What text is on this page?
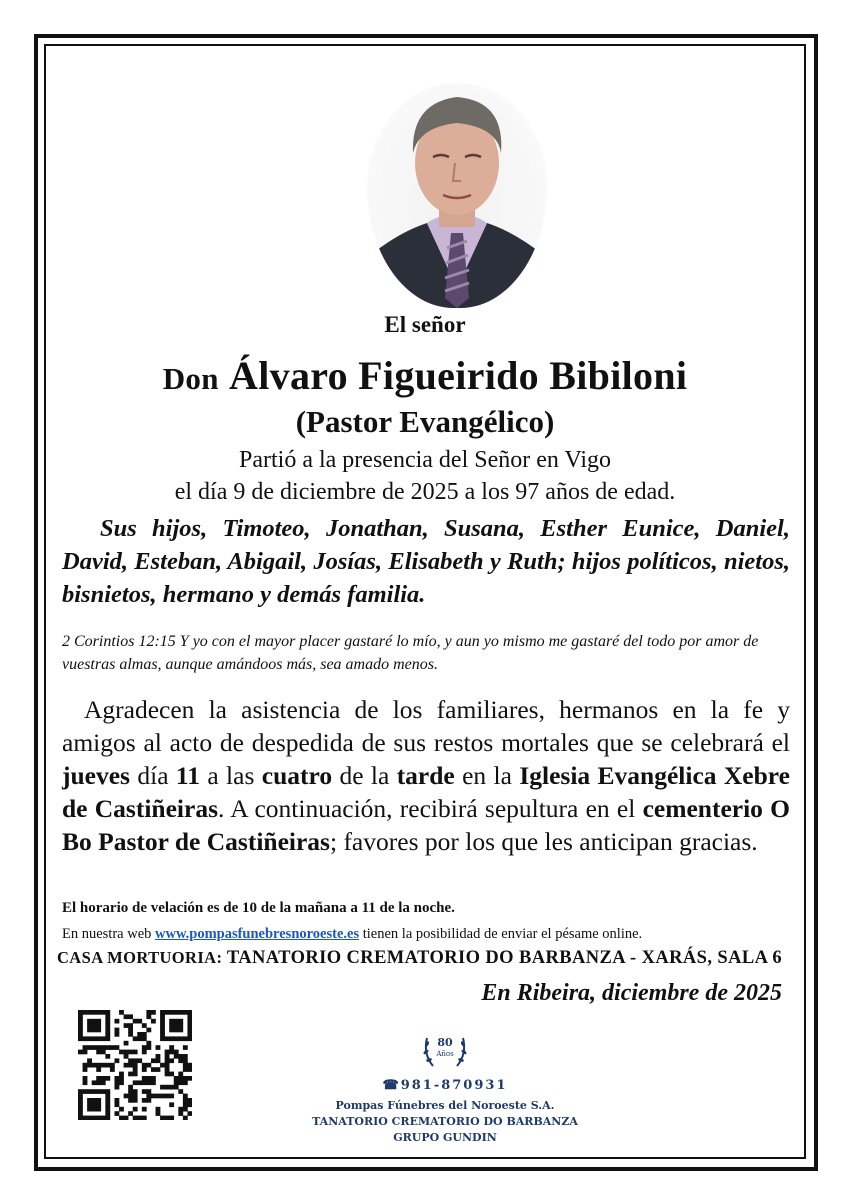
El señor
Don Álvaro Figueirido Bibiloni
(Pastor Evangélico)
Partió a la presencia del Señor en Vigo
el día 9 de diciembre de 2025 a los 97 años de edad.
Sus hijos, Timoteo, Jonathan, Susana, Esther Eunice, Daniel, David, Esteban, Abigail, Josías, Elisabeth y Ruth; hijos políticos, nietos, bisnietos, hermano y demás familia.
2 Corintios 12:15 Y yo con el mayor placer gastaré lo mío, y aun yo mismo me gastaré del todo por amor de vuestras almas, aunque amándoos más, sea amado menos.
Agradecen la asistencia de los familiares, hermanos en la fe y amigos al acto de despedida de sus restos mortales que se celebrará el jueves día 11 a las cuatro de la tarde en la Iglesia Evangélica Xebre de Castiñeiras. A continuación, recibirá sepultura en el cementerio O Bo Pastor de Castiñeiras; favores por los que les anticipan gracias.
El horario de velación es de 10 de la mañana a 11 de la noche.
En nuestra web www.pompasfunebresnoroeste.es tienen la posibilidad de enviar el pésame online.
CASA MORTUORIA: TANATORIO CREMATORIO DO BARBANZA - XARÁS, SALA 6
En Ribeira, diciembre de 2025
80
Años
☎981-870931
Pompas Fúnebres del Noroeste S.A.
TANATORIO CREMATORIO DO BARBANZA
GRUPO GUNDIN
